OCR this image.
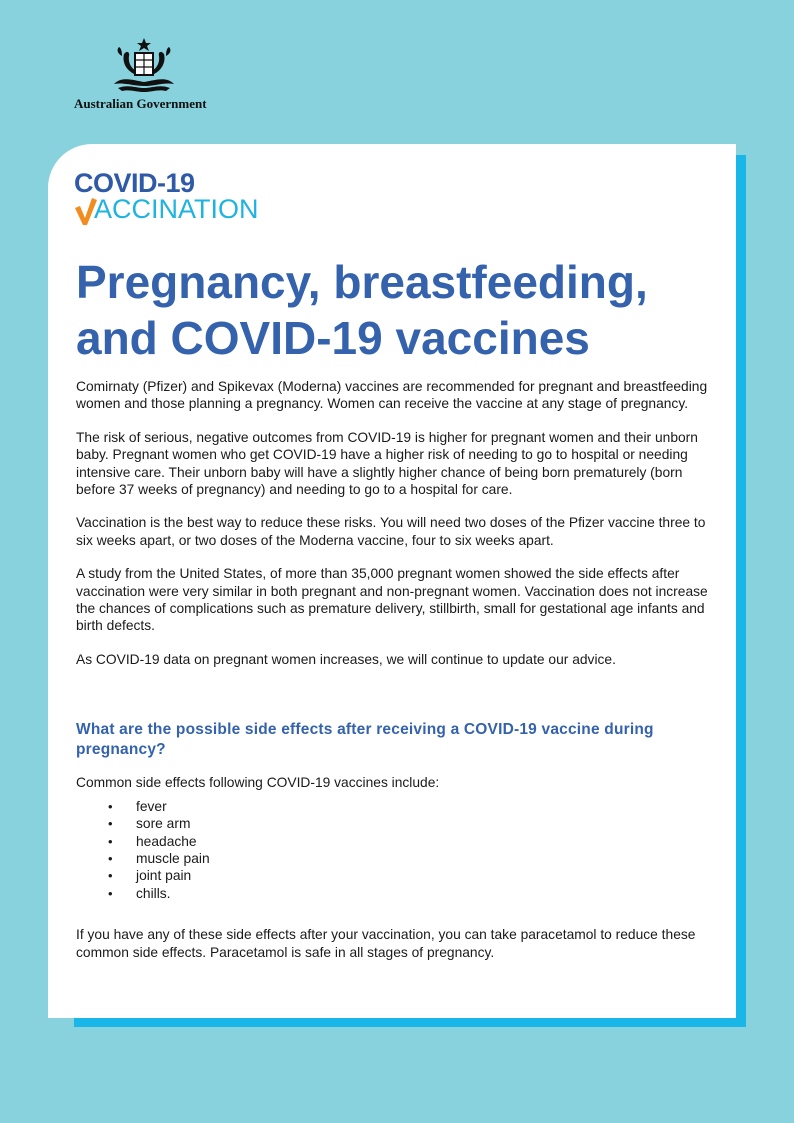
Australian Government
COVID-19
ACCINATION
Pregnancy, breastfeeding,
and COVID-19 vaccines

Comirnaty (Pfizer) and Spikevax (Moderna) vaccines are recommended for pregnant and breastfeeding women and those planning a pregnancy. Women can receive the vaccine at any stage of pregnancy.

The risk of serious, negative outcomes from COVID-19 is higher for pregnant women and their unborn baby. Pregnant women who get COVID-19 have a higher risk of needing to go to hospital or needing intensive care. Their unborn baby will have a slightly higher chance of being born prematurely (born before 37 weeks of pregnancy) and needing to go to a hospital for care.

Vaccination is the best way to reduce these risks. You will need two doses of the Pfizer vaccine three to six weeks apart, or two doses of the Moderna vaccine, four to six weeks apart.

A study from the United States, of more than 35,000 pregnant women showed the side effects after vaccination were very similar in both pregnant and non-pregnant women. Vaccination does not increase the chances of complications such as premature delivery, stillbirth, small for gestational age infants and birth defects.

As COVID-19 data on pregnant women increases, we will continue to update our advice.

What are the possible side effects after receiving a COVID-19 vaccine during pregnancy?

Common side effects following COVID-19 vaccines include:

• fever
• sore arm
• headache
• muscle pain
• joint pain
• chills.

If you have any of these side effects after your vaccination, you can take paracetamol to reduce these common side effects. Paracetamol is safe in all stages of pregnancy.
